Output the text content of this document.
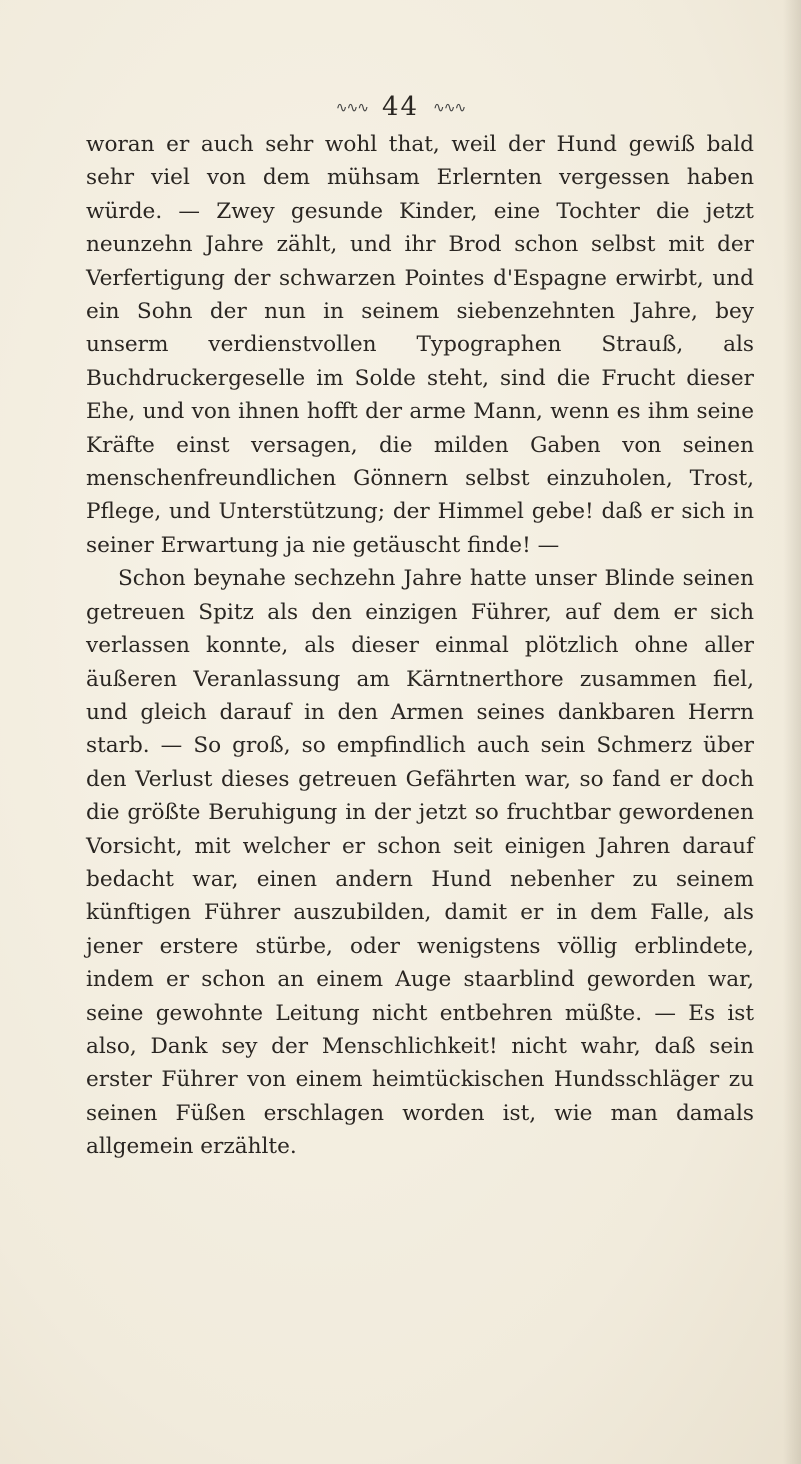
∿∿∿ 44 ∿∿∿

woran er auch sehr wohl that, weil der Hund gewiß bald sehr viel von dem mühsam Erlernten vergessen haben würde. — Zwey gesunde Kinder, eine Tochter die jetzt neunzehn Jahre zählt, und ihr Brod schon selbst mit der Verfertigung der schwarzen Pointes d'Espagne erwirbt, und ein Sohn der nun in seinem siebenzehnten Jahre, bey unserm verdienstvollen Typographen Strauß, als Buchdruckergeselle im Solde steht, sind die Frucht dieser Ehe, und von ihnen hofft der arme Mann, wenn es ihm seine Kräfte einst versagen, die milden Gaben von seinen menschenfreundlichen Gönnern selbst einzuholen, Trost, Pflege, und Unterstützung; der Himmel gebe! daß er sich in seiner Erwartung ja nie getäuscht finde! —

Schon beynahe sechzehn Jahre hatte unser Blinde seinen getreuen Spitz als den einzigen Führer, auf dem er sich verlassen konnte, als dieser einmal plötzlich ohne aller äußeren Veranlassung am Kärntnerthore zusammen fiel, und gleich darauf in den Armen seines dankbaren Herrn starb. — So groß, so empfindlich auch sein Schmerz über den Verlust dieses getreuen Gefährten war, so fand er doch die größte Beruhigung in der jetzt so fruchtbar gewordenen Vorsicht, mit welcher er schon seit einigen Jahren darauf bedacht war, einen andern Hund nebenher zu seinem künftigen Führer auszubilden, damit er in dem Falle, als jener erstere stürbe, oder wenigstens völlig erblindete, indem er schon an einem Auge staarblind geworden war, seine gewohnte Leitung nicht entbehren müßte. — Es ist also, Dank sey der Menschlichkeit! nicht wahr, daß sein erster Führer von einem heimtückischen Hundsschläger zu seinen Füßen erschlagen worden ist, wie man damals allgemein erzählte.
